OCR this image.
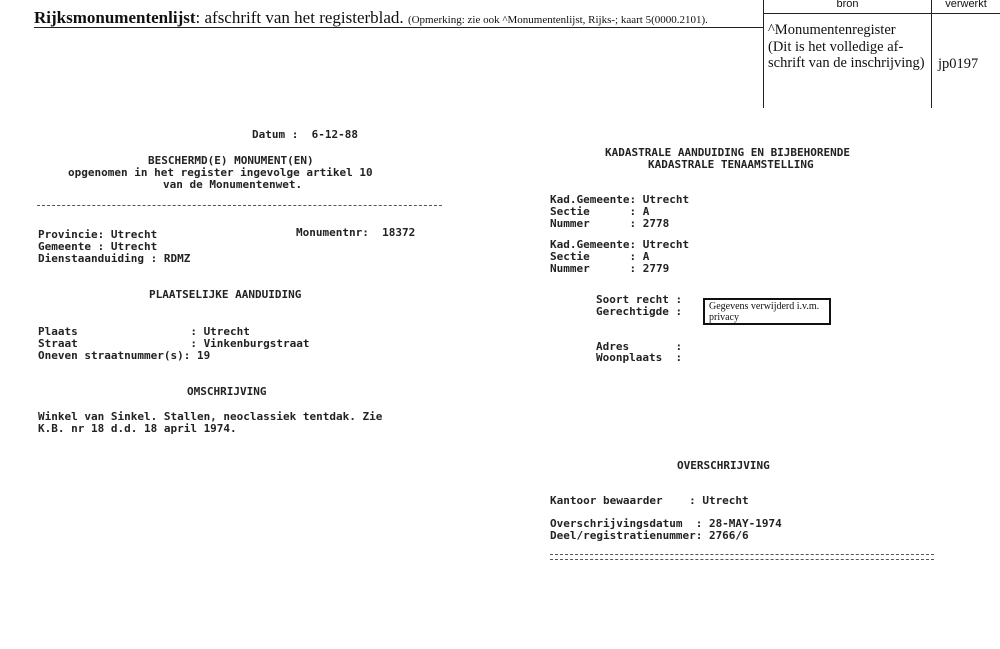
Rijksmonumentenlijst: afschrift van het registerblad. (Opmerking: zie ook ^Monumentenlijst, Rijks-; kaart 5(0000.2101).
bron	verwerkt
^Monumentenregister
(Dit is het volledige af-
schrift van de inschrijving) jp0197
Datum :  6-12-88
BESCHERMD(E) MONUMENT(EN)
opgenomen in het register ingevolge artikel 10
van de Monumentenwet.
Provincie: Utrecht	Monumentnr:  18372
Gemeente : Utrecht
Dienstaanduiding : RDMZ
PLAATSELIJKE AANDUIDING
Plaats                 : Utrecht
Straat                 : Vinkenburgstraat
Oneven straatnummer(s): 19
OMSCHRIJVING
Winkel van Sinkel. Stallen, neoclassiek tentdak. Zie
K.B. nr 18 d.d. 18 april 1974.
KADASTRALE AANDUIDING EN BIJBEHORENDE
KADASTRALE TENAAMSTELLING
Kad.Gemeente: Utrecht
Sectie      : A
Nummer      : 2778
Kad.Gemeente: Utrecht
Sectie      : A
Nummer      : 2779
Soort recht :
Gerechtigde :	Gegevens verwijderd i.v.m. privacy
Adres       :
Woonplaats  :
OVERSCHRIJVING
Kantoor bewaarder    : Utrecht
Overschrijvingsdatum  : 28-MAY-1974
Deel/registratienummer: 2766/6
